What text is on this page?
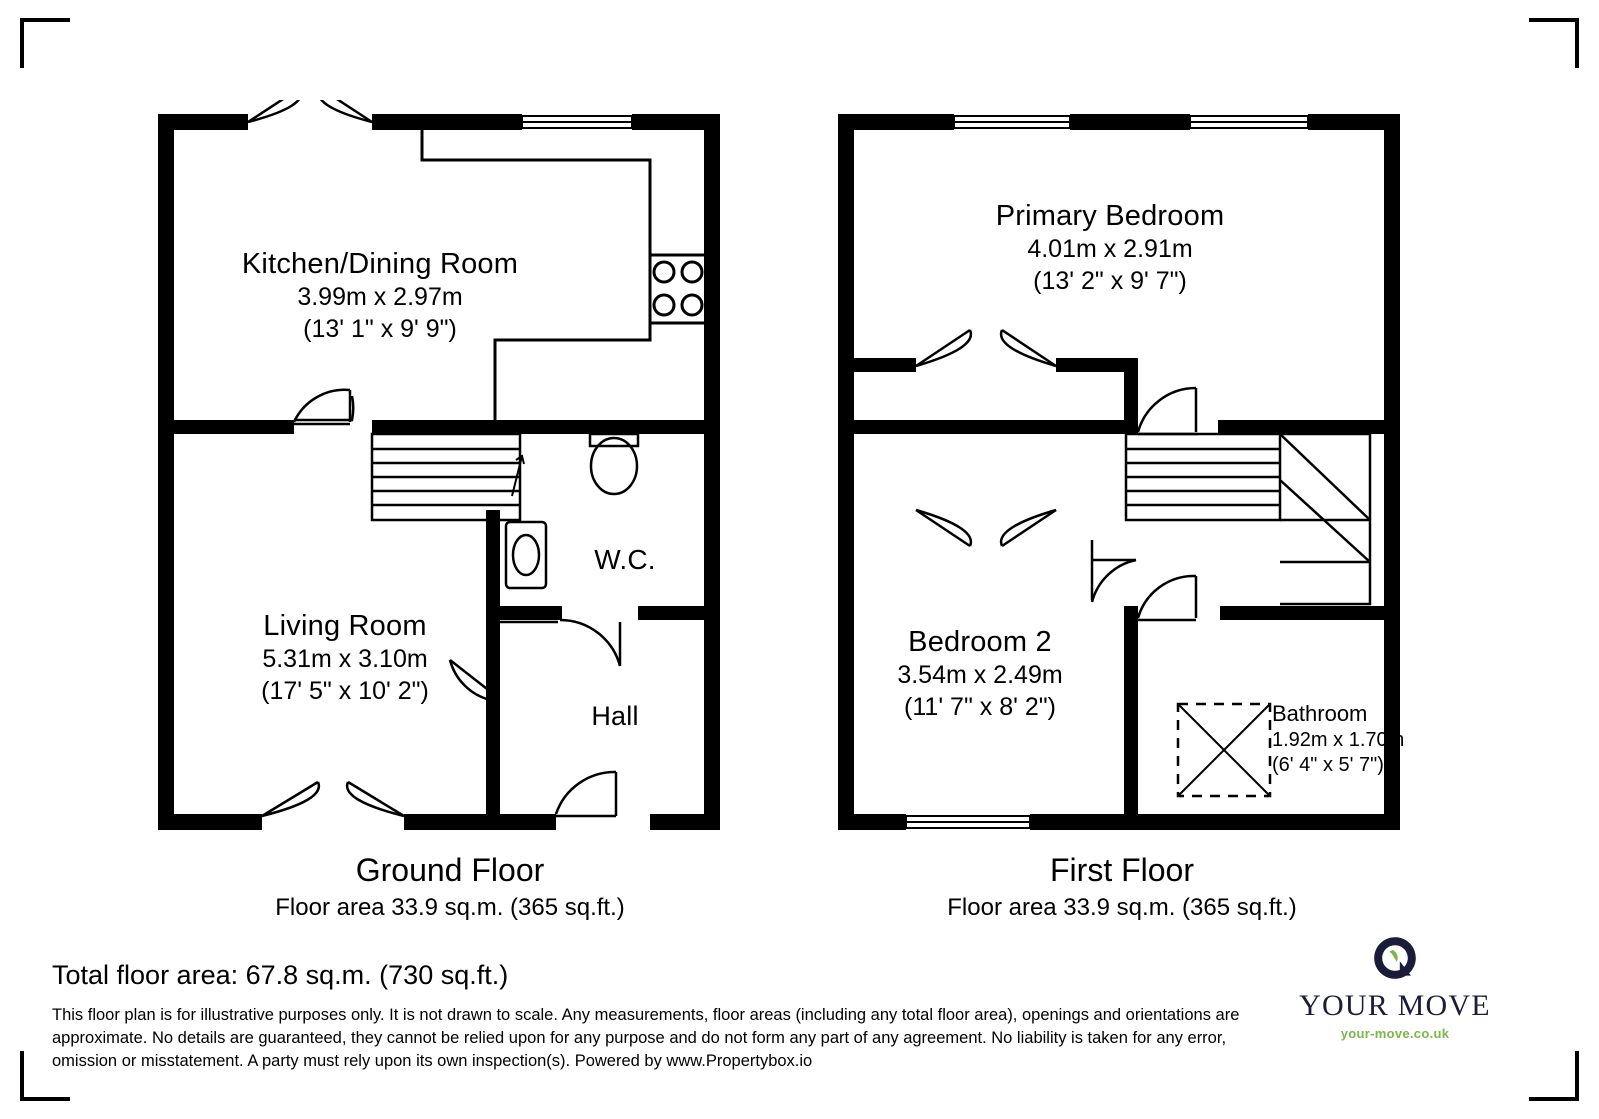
Kitchen/Dining Room
3.99m x 2.97m
(13' 1" x 9' 9")
Living Room
5.31m x 3.10m
(17' 5" x 10' 2")
W.C.
Hall
Ground Floor
Floor area 33.9 sq.m. (365 sq.ft.)
Primary Bedroom
4.01m x 2.91m
(13' 2" x 9' 7")
Bedroom 2
3.54m x 2.49m
(11' 7" x 8' 2")	Bathroom
1.92m x 1.70m
(6' 4" x 5' 7")
First Floor
Floor area 33.9 sq.m. (365 sq.ft.)
Total floor area: 67.8 sq.m. (730 sq.ft.)
This floor plan is for illustrative purposes only. It is not drawn to scale. Any measurements, floor areas (including any total floor area), openings and orientations are approximate. No details are guaranteed, they cannot be relied upon for any purpose and do not form any part of any agreement. No liability is taken for any error, omission or misstatement. A party must rely upon its own inspection(s). Powered by www.Propertybox.io
YOUR MOVE
your-move.co.uk
